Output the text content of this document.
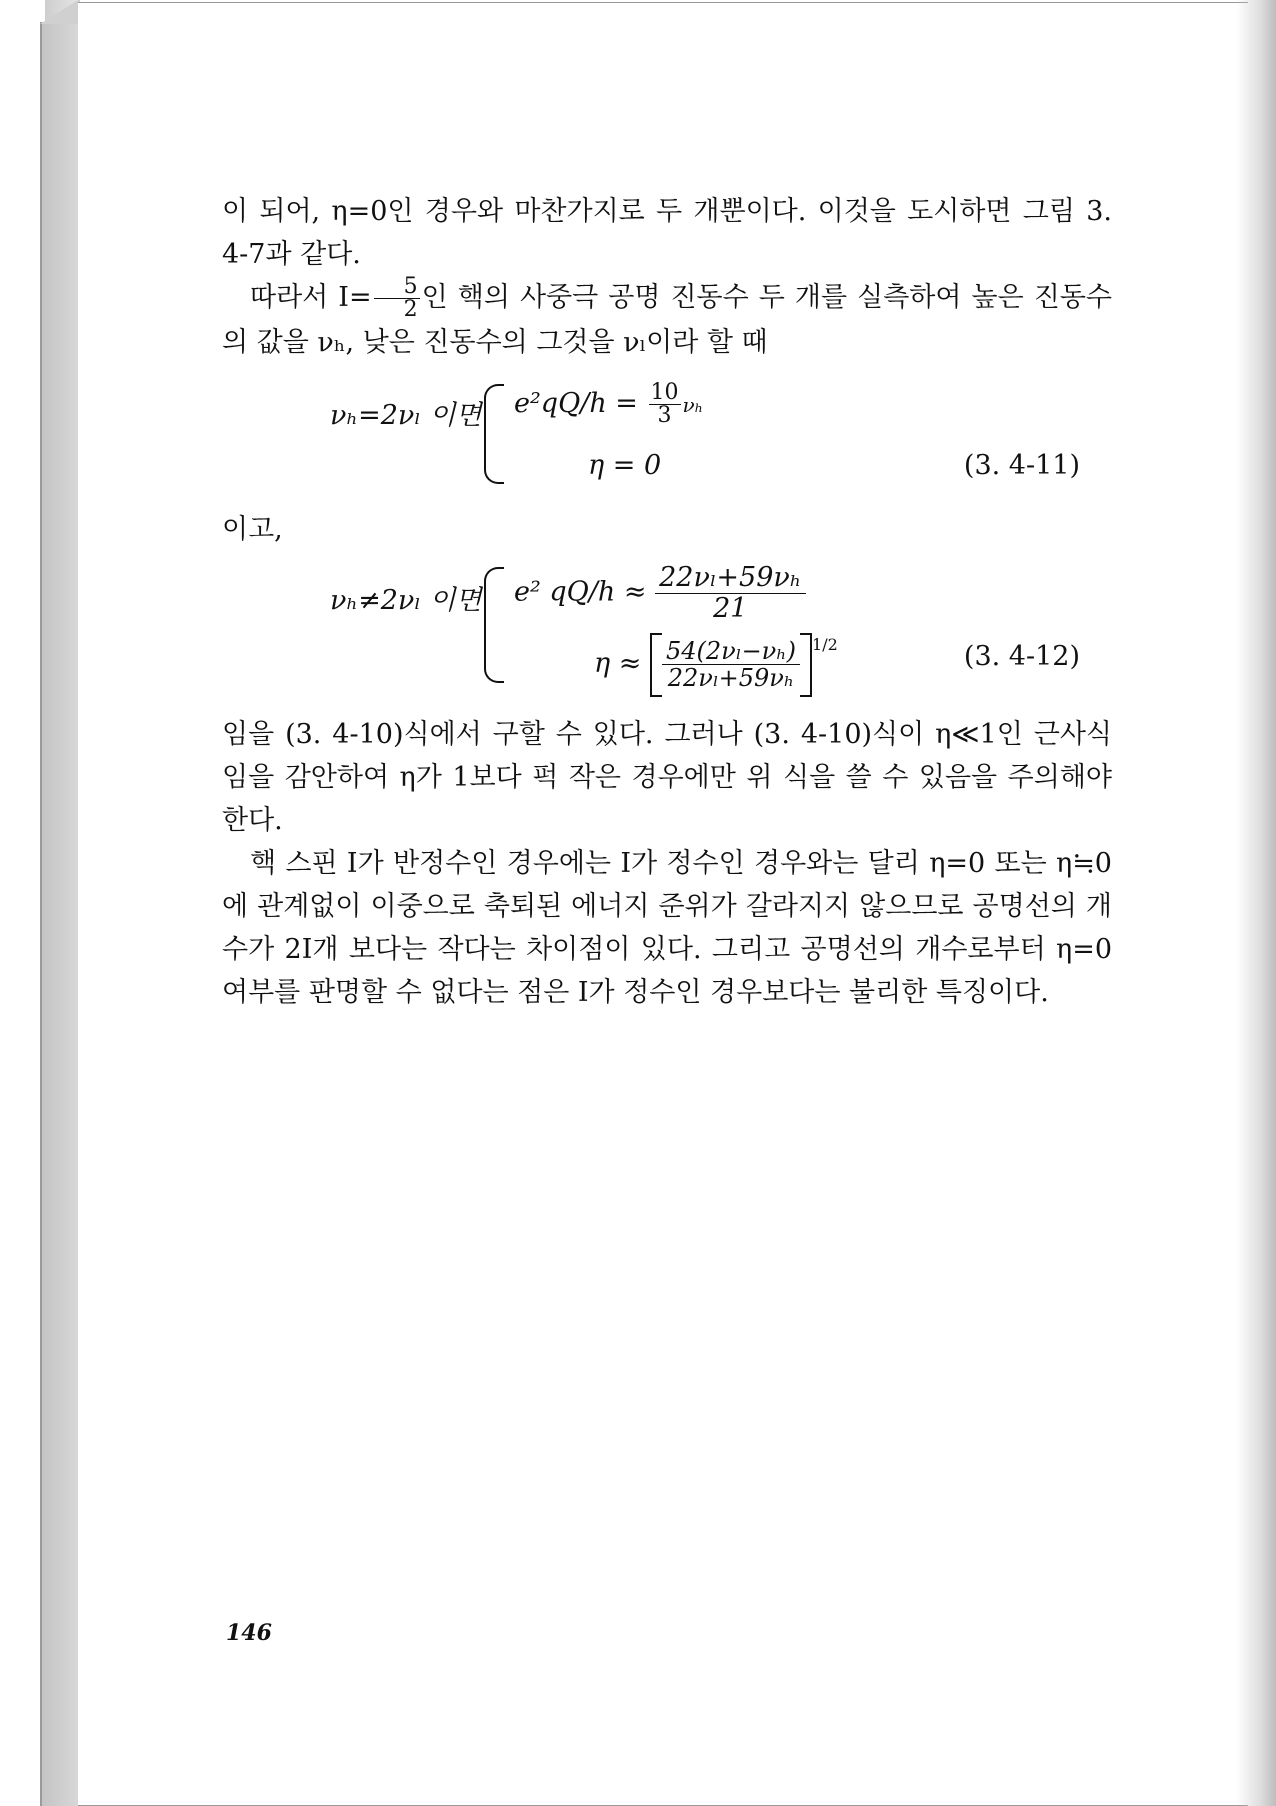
이 되어, η=0인 경우와 마찬가지로 두 개뿐이다. 이것을 도시하면 그림 3. 4-7과 같다.

따라서 $I= \frac{5}{2}$ 인 핵의 사중극 공명 진동수 두 개를 실측하여 높은 진동수의 값을 νₕ, 낮은 진동수의 그것을 νₗ이라 할 때

νₕ=2νₗ 이면 $e^2qQ/h = \frac{10}{3}$ νₕ
η = 0	(3. 4-11)

이고,

νₕ≠2νₗ 이면 e² $qQ/h \approx \frac{\text{22νₗ+59νₕ}}{21}$
$\eta \approx \frac{\text{54(2νₗ−νₕ)}}{\text{22νₗ+59νₕ}} ^{1/2}$	(3. 4-12)

임을 (3. 4-10)식에서 구할 수 있다. 그러나 (3. 4-10)식이 η≪1인 근사식임을 감안하여 η가 1보다 퍽 작은 경우에만 위 식을 쓸 수 있음을 주의해야 한다.

핵 스핀 I가 반정수인 경우에는 I가 정수인 경우와는 달리 η=0 또는 η≒0에 관계없이 이중으로 축퇴된 에너지 준위가 갈라지지 않으므로 공명선의 개수가 2I개 보다는 작다는 차이점이 있다. 그리고 공명선의 개수로부터 η=0 여부를 판명할 수 없다는 점은 I가 정수인 경우보다는 불리한 특징이다.

146
